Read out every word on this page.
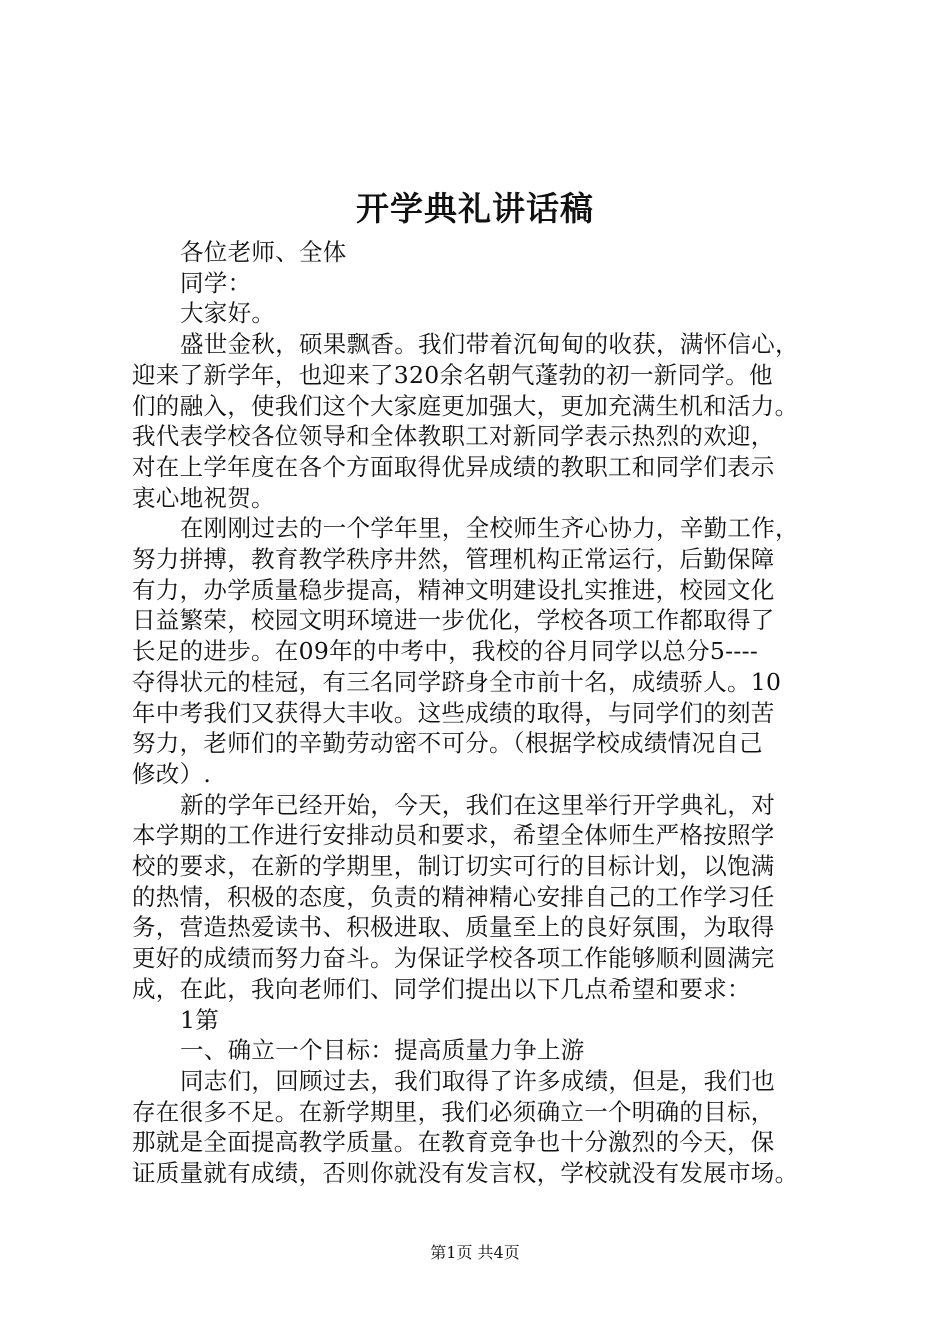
开学典礼讲话稿
各位老师、全体
同学：
大家好。
盛世金秋，硕果飘香。我们带着沉甸甸的收获，满怀信心，
迎来了新学年，也迎来了320余名朝气蓬勃的初一新同学。他
们的融入，使我们这个大家庭更加强大，更加充满生机和活力。
我代表学校各位领导和全体教职工对新同学表示热烈的欢迎，
对在上学年度在各个方面取得优异成绩的教职工和同学们表示
衷心地祝贺。
在刚刚过去的一个学年里，全校师生齐心协力，辛勤工作，
努力拼搏，教育教学秩序井然，管理机构正常运行，后勤保障
有力，办学质量稳步提高，精神文明建设扎实推进，校园文化
日益繁荣，校园文明环境进一步优化，学校各项工作都取得了
长足的进步。在09年的中考中，我校的谷月同学以总分5----
夺得状元的桂冠，有三名同学跻身全市前十名，成绩骄人。10
年中考我们又获得大丰收。这些成绩的取得，与同学们的刻苦
努力，老师们的辛勤劳动密不可分。（根据学校成绩情况自己
修改）.
新的学年已经开始，今天，我们在这里举行开学典礼，对
本学期的工作进行安排动员和要求，希望全体师生严格按照学
校的要求，在新的学期里，制订切实可行的目标计划，以饱满
的热情，积极的态度，负责的精神精心安排自己的工作学习任
务，营造热爱读书、积极进取、质量至上的良好氛围，为取得
更好的成绩而努力奋斗。为保证学校各项工作能够顺利圆满完
成，在此，我向老师们、同学们提出以下几点希望和要求：
1第
一、确立一个目标：提高质量力争上游
同志们，回顾过去，我们取得了许多成绩，但是，我们也
存在很多不足。在新学期里，我们必须确立一个明确的目标，
那就是全面提高教学质量。在教育竞争也十分激烈的今天，保
证质量就有成绩，否则你就没有发言权，学校就没有发展市场。
第1页 共4页
